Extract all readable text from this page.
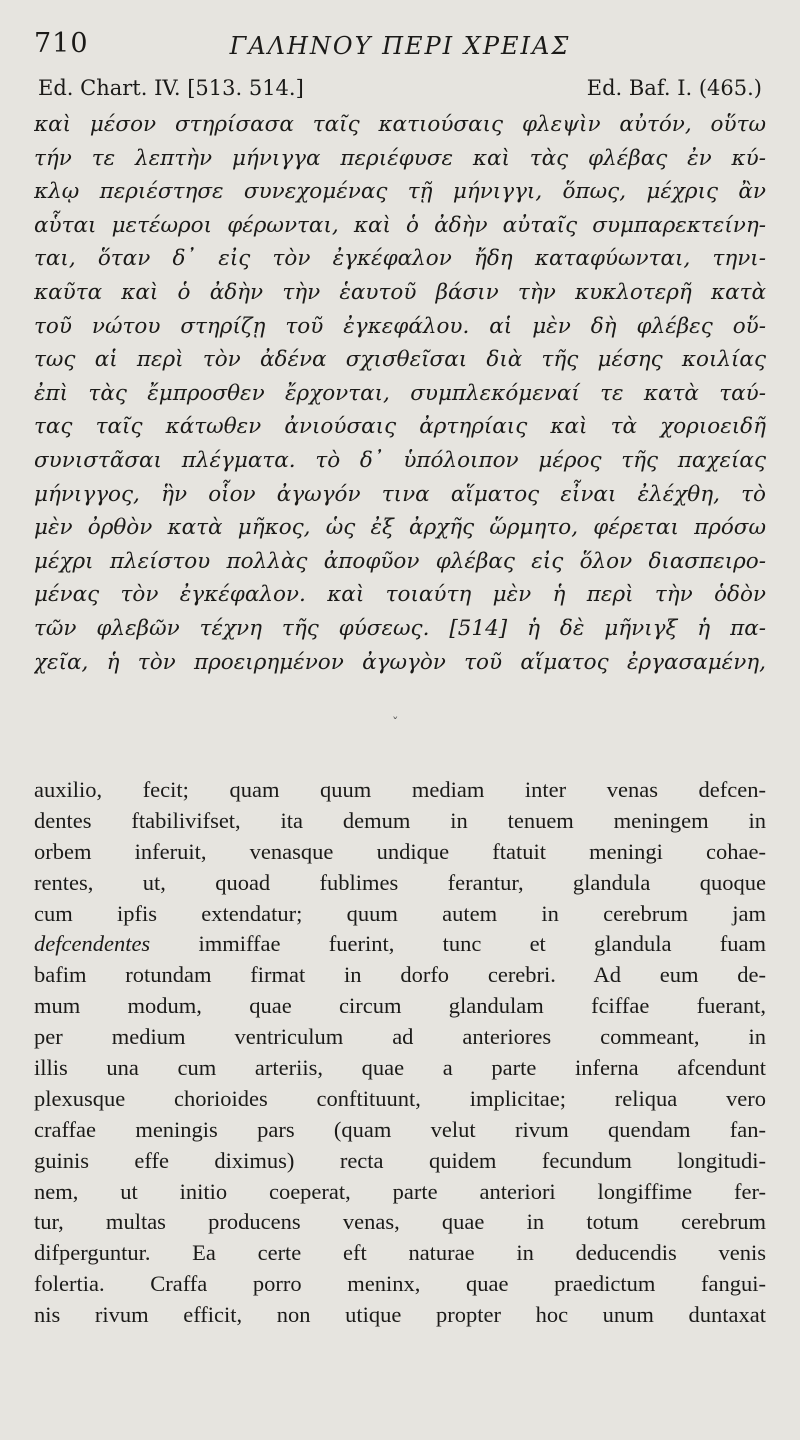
710	ΓΑΛΗΝΟΥ ΠΕΡΙ ΧΡΕΙΑΣ
Ed. Chart. IV. [513. 514.]	Ed. Baf. I. (465.)
καὶ μέσον στηρίσασα ταῖς κατιούσαις φλεψὶν αὐτόν, οὕτω
τήν τε λεπτὴν μήνιγγα περιέφυσε καὶ τὰς φλέβας ἐν κύ-
κλῳ περιέστησε συνεχομένας τῇ μήνιγγι, ὅπως, μέχρις ἂν
αὗται μετέωροι φέρωνται, καὶ ὁ ἀδὴν αὐταῖς συμπαρεκτείνη-
ται, ὅταν δ᾽ εἰς τὸν ἐγκέφαλον ἤδη καταφύωνται, τηνι-
καῦτα καὶ ὁ ἀδὴν τὴν ἑαυτοῦ βάσιν τὴν κυκλοτερῆ κατὰ
τοῦ νώτου στηρίζῃ τοῦ ἐγκεφάλου. αἱ μὲν δὴ φλέβες οὕ-
τως αἱ περὶ τὸν ἀδένα σχισθεῖσαι διὰ τῆς μέσης κοιλίας
ἐπὶ τὰς ἔμπροσθεν ἔρχονται, συμπλεκόμεναί τε κατὰ ταύ-
τας ταῖς κάτωθεν ἀνιούσαις ἀρτηρίαις καὶ τὰ χοριοειδῆ
συνιστᾶσαι πλέγματα. τὸ δ᾽ ὑπόλοιπον μέρος τῆς παχείας
μήνιγγος, ἣν οἷον ἀγωγόν τινα αἵματος εἶναι ἐλέχθη, τὸ
μὲν ὀρθὸν κατὰ μῆκος, ὡς ἐξ ἀρχῆς ὥρμητο, φέρεται πρόσω
μέχρι πλείστου πολλὰς ἀποφῦον φλέβας εἰς ὅλον διασπειρο-
μένας τὸν ἐγκέφαλον. καὶ τοιαύτη μὲν ἡ περὶ τὴν ὁδὸν
τῶν φλεβῶν τέχνη τῆς φύσεως. [514] ἡ δὲ μῆνιγξ ἡ πα-
χεῖα, ἡ τὸν προειρημένον ἀγωγὸν τοῦ αἵματος ἐργασαμένη,
ˇ
auxilio, fecit; quam quum mediam inter venas defcen-
dentes ftabilivifset, ita demum in tenuem meningem in
orbem inferuit, venasque undique ftatuit meningi cohae-
rentes, ut, quoad fublimes ferantur, glandula quoque
cum ipfis extendatur; quum autem in cerebrum jam
defcendentes immiffae fuerint, tunc et glandula fuam
bafim rotundam firmat in dorfo cerebri. Ad eum de-
mum modum, quae circum glandulam fciffae fuerant,
per medium ventriculum ad anteriores commeant, in
illis una cum arteriis, quae a parte inferna afcendunt
plexusque chorioides conftituunt, implicitae; reliqua vero
craffae meningis pars (quam velut rivum quendam fan-
guinis effe diximus) recta quidem fecundum longitudi-
nem, ut initio coeperat, parte anteriori longiffime fer-
tur, multas producens venas, quae in totum cerebrum
difperguntur. Ea certe eft naturae in deducendis venis
folertia. Craffa porro meninx, quae praedictum fangui-
nis rivum efficit, non utique propter hoc unum duntaxat
